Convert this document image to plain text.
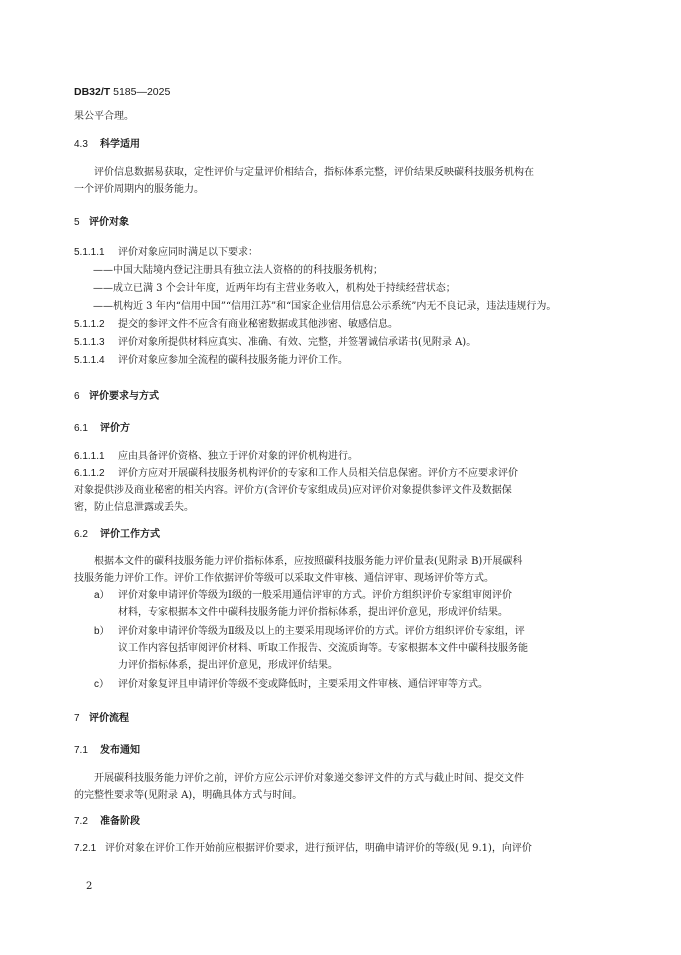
DB32/T 5185—2025
果公平合理。
4.3 科学适用
评价信息数据易获取，定性评价与定量评价相结合，指标体系完整，评价结果反映碳科技服务机构在
一个评价周期内的服务能力。
5 评价对象
5.1.1.1 评价对象应同时满足以下要求：
——中国大陆境内登记注册具有独立法人资格的的科技服务机构；
——成立已满 3 个会计年度，近两年均有主营业务收入，机构处于持续经营状态；
——机构近 3 年内“信用中国”“信用江苏”和“国家企业信用信息公示系统”内无不良记录，违法违规行为。
5.1.1.2 提交的参评文件不应含有商业秘密数据或其他涉密、敏感信息。
5.1.1.3 评价对象所提供材料应真实、准确、有效、完整，并签署诚信承诺书(见附录 A)。
5.1.1.4 评价对象应参加全流程的碳科技服务能力评价工作。
6 评价要求与方式
6.1 评价方
6.1.1.1 应由具备评价资格、独立于评价对象的评价机构进行。
6.1.1.2 评价方应对开展碳科技服务机构评价的专家和工作人员相关信息保密。评价方不应要求评价
对象提供涉及商业秘密的相关内容。评价方(含评价专家组成员)应对评价对象提供参评文件及数据保
密，防止信息泄露或丢失。
6.2 评价工作方式
根据本文件的碳科技服务能力评价指标体系，应按照碳科技服务能力评价量表(见附录 B)开展碳科
技服务能力评价工作。评价工作依据评价等级可以采取文件审核、通信评审、现场评价等方式。
a） 评价对象申请评价等级为Ⅰ级的一般采用通信评审的方式。评价方组织评价专家组审阅评价
材料，专家根据本文件中碳科技服务能力评价指标体系，提出评价意见，形成评价结果。
b） 评价对象申请评价等级为Ⅱ级及以上的主要采用现场评价的方式。评价方组织评价专家组，评
议工作内容包括审阅评价材料、听取工作报告、交流质询等。专家根据本文件中碳科技服务能
力评价指标体系，提出评价意见，形成评价结果。
c） 评价对象复评且申请评价等级不变或降低时，主要采用文件审核、通信评审等方式。
7 评价流程
7.1 发布通知
开展碳科技服务能力评价之前，评价方应公示评价对象递交参评文件的方式与截止时间、提交文件
的完整性要求等(见附录 A)，明确具体方式与时间。
7.2 准备阶段
7.2.1 评价对象在评价工作开始前应根据评价要求，进行预评估，明确申请评价的等级(见 9.1)，向评价
2
